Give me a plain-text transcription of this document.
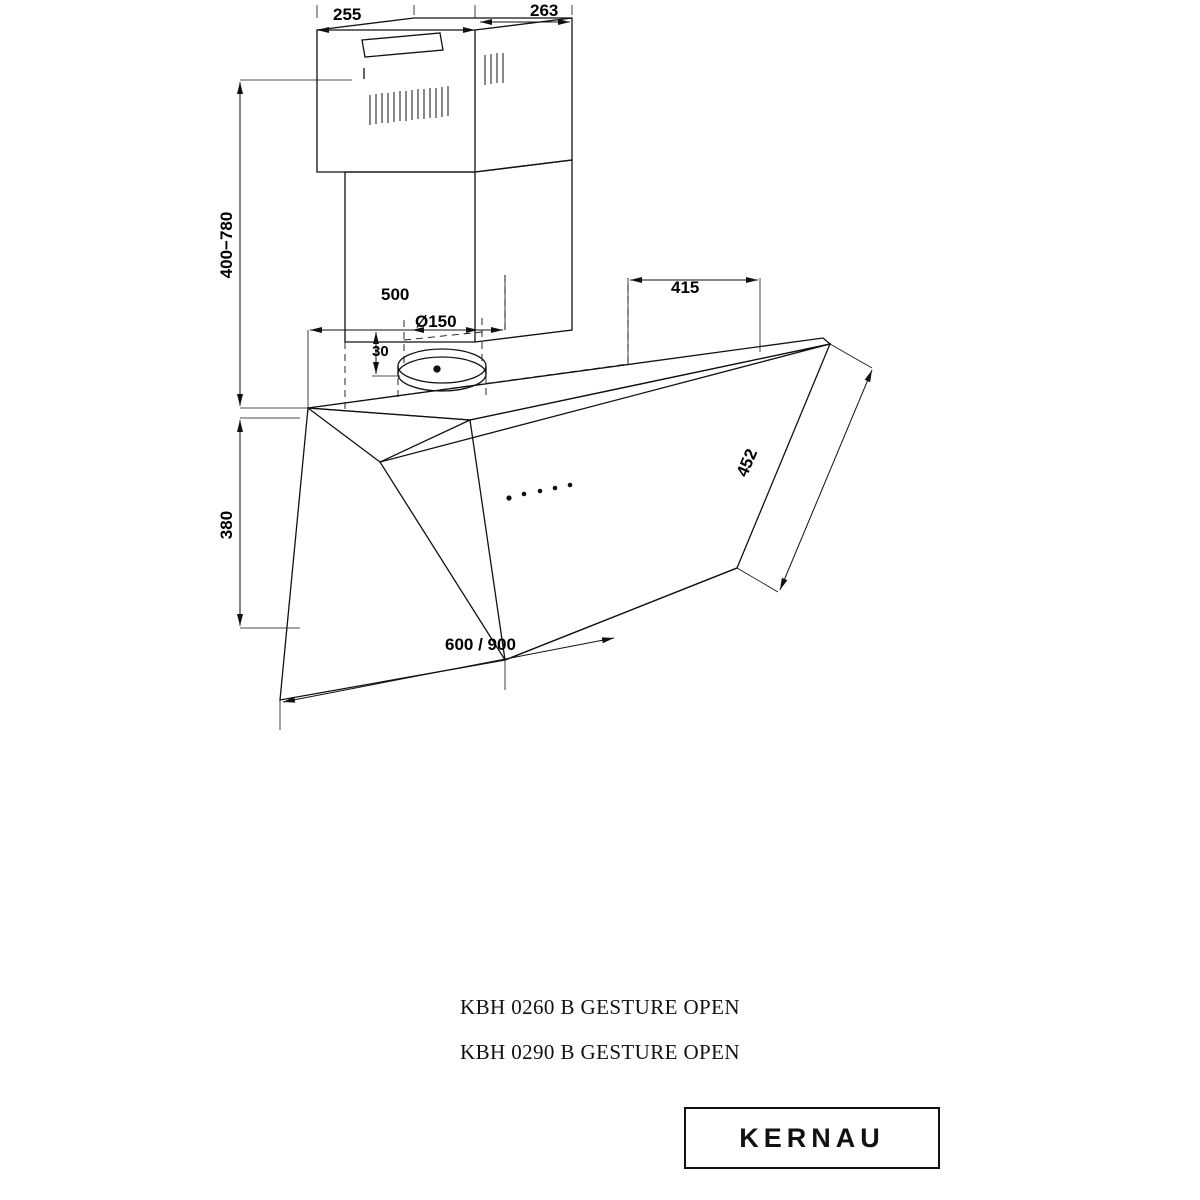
255	263
400−780
380
500	415
30
Ø150
452
600 / 900
KBH 0260 B GESTURE OPEN
KBH 0290 B GESTURE OPEN
KERNAU
